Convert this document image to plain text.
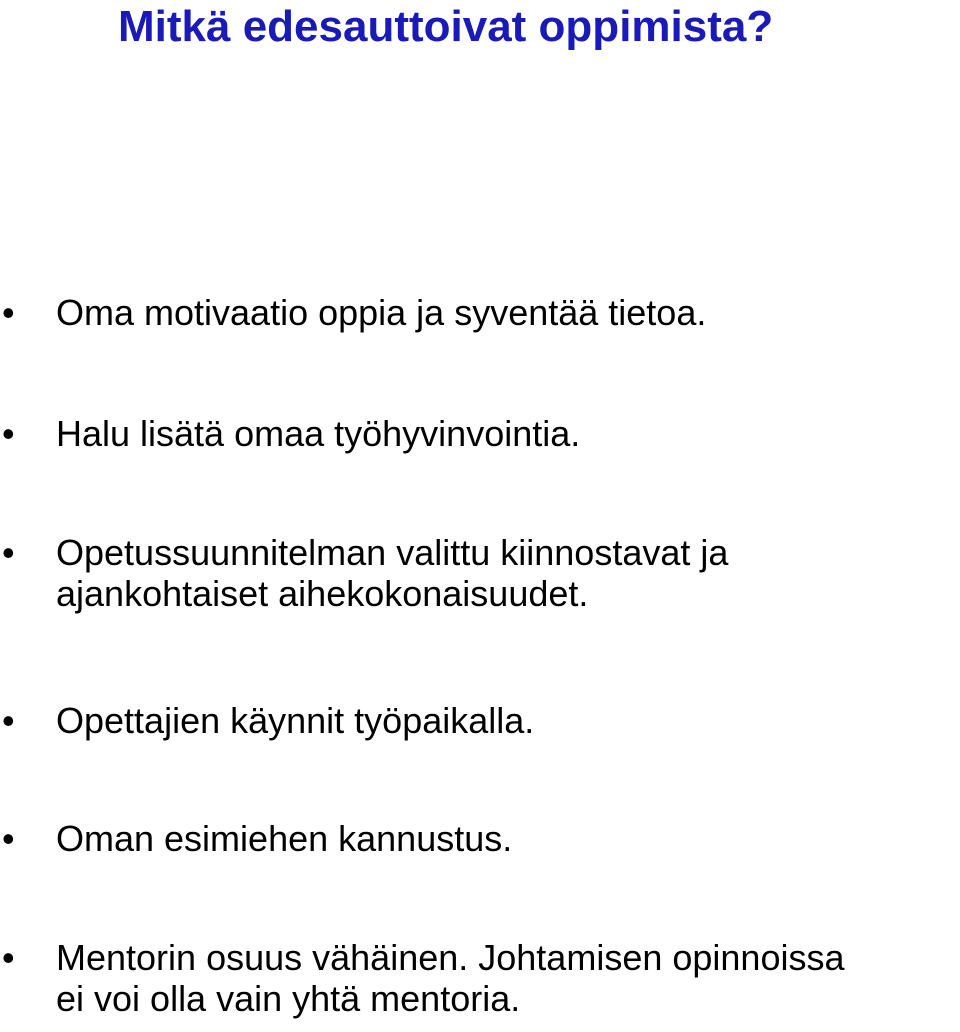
Mitkä edesauttoivat oppimista?
• Oma motivaatio oppia ja syventää tietoa.
• Halu lisätä omaa työhyvinvointia.
• Opetussuunnitelman valittu kiinnostavat ja
ajankohtaiset aihekokonaisuudet.
• Opettajien käynnit työpaikalla.
• Oman esimiehen kannustus.
• Mentorin osuus vähäinen. Johtamisen opinnoissa
ei voi olla vain yhtä mentoria.
